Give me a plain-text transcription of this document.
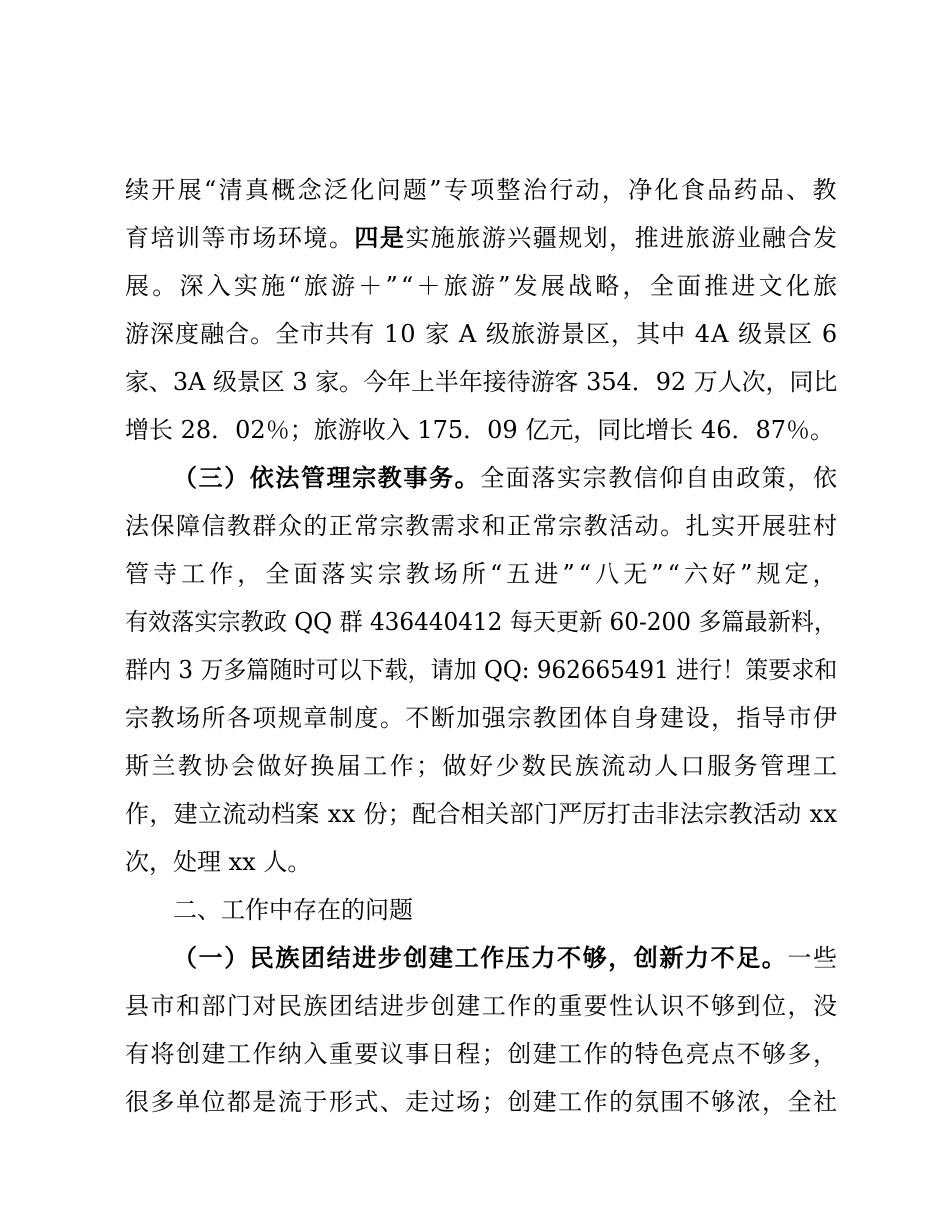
续开展“清真概念泛化问题”专项整治行动，净化食品药品、教
育培训等市场环境。四是实施旅游兴疆规划，推进旅游业融合发
展。深入实施“旅游＋”“＋旅游”发展战略，全面推进文化旅
游深度融合。全市共有 10 家 A 级旅游景区，其中 4A 级景区 6
家、3A 级景区 3 家。今年上半年接待游客 354．92 万人次，同比
增长 28．02％；旅游收入 175．09 亿元，同比增长 46．87％。
（三）依法管理宗教事务。全面落实宗教信仰自由政策，依
法保障信教群众的正常宗教需求和正常宗教活动。扎实开展驻村
管寺工作，全面落实宗教场所“五进”“八无”“六好”规定，
有效落实宗教政 QQ 群 436440412 每天更新 60-200 多篇最新料，
群内 3 万多篇随时可以下载，请加 QQ: 962665491 进行！策要求和
宗教场所各项规章制度。不断加强宗教团体自身建设，指导市伊
斯兰教协会做好换届工作；做好少数民族流动人口服务管理工
作，建立流动档案 xx 份；配合相关部门严厉打击非法宗教活动 xx
次，处理 xx 人。
二、工作中存在的问题
（一）民族团结进步创建工作压力不够，创新力不足。一些
县市和部门对民族团结进步创建工作的重要性认识不够到位，没
有将创建工作纳入重要议事日程；创建工作的特色亮点不够多，
很多单位都是流于形式、走过场；创建工作的氛围不够浓，全社
